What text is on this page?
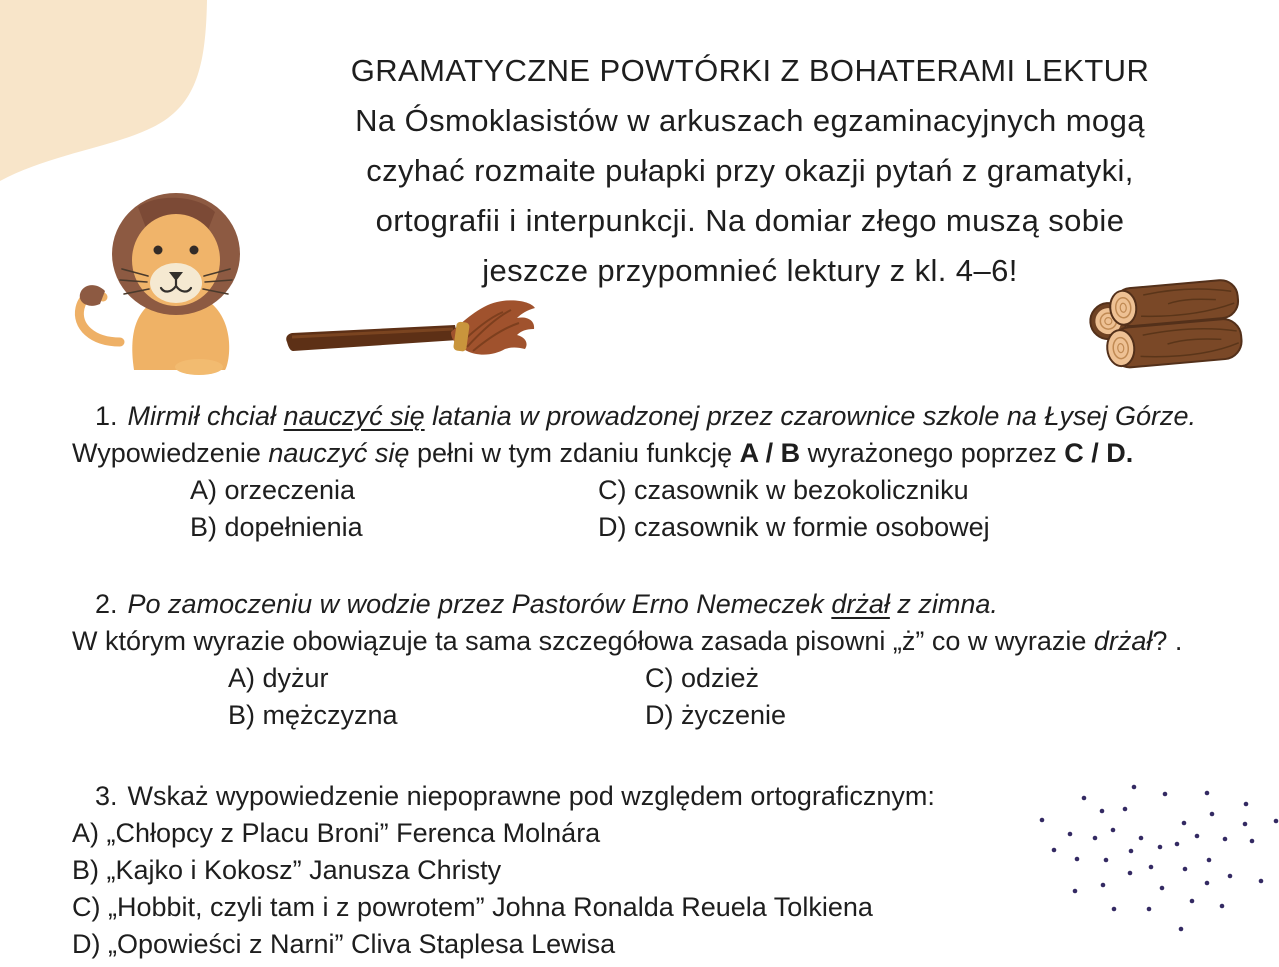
GRAMATYCZNE POWTÓRKI Z BOHATERAMI LEKTUR
Na Ósmoklasistów w arkuszach egzaminacyjnych mogą
czyhać rozmaite pułapki przy okazji pytań z gramatyki,
ortografii i interpunkcji. Na domiar złego muszą sobie
jeszcze przypomnieć lektury z kl. 4–6!
1. Mirmił chciał nauczyć się latania w prowadzonej przez czarownice szkole na Łysej Górze.
Wypowiedzenie nauczyć się pełni w tym zdaniu funkcję A / B wyrażonego poprzez C / D.
A) orzeczenia	C) czasownik w bezokoliczniku
B) dopełnienia	D) czasownik w formie osobowej
2. Po zamoczeniu w wodzie przez Pastorów Erno Nemeczek drżał z zimna.
W którym wyrazie obowiązuje ta sama szczegółowa zasada pisowni „ż” co w wyrazie drżał? .
A) dyżur	C) odzież
B) mężczyzna	D) życzenie
3. Wskaż wypowiedzenie niepoprawne pod względem ortograficznym:
A) „Chłopcy z Placu Broni” Ferenca Molnára
B) „Kajko i Kokosz” Janusza Christy
C) „Hobbit, czyli tam i z powrotem” Johna Ronalda Reuela Tolkiena
D) „Opowieści z Narni” Cliva Staplesa Lewisa
